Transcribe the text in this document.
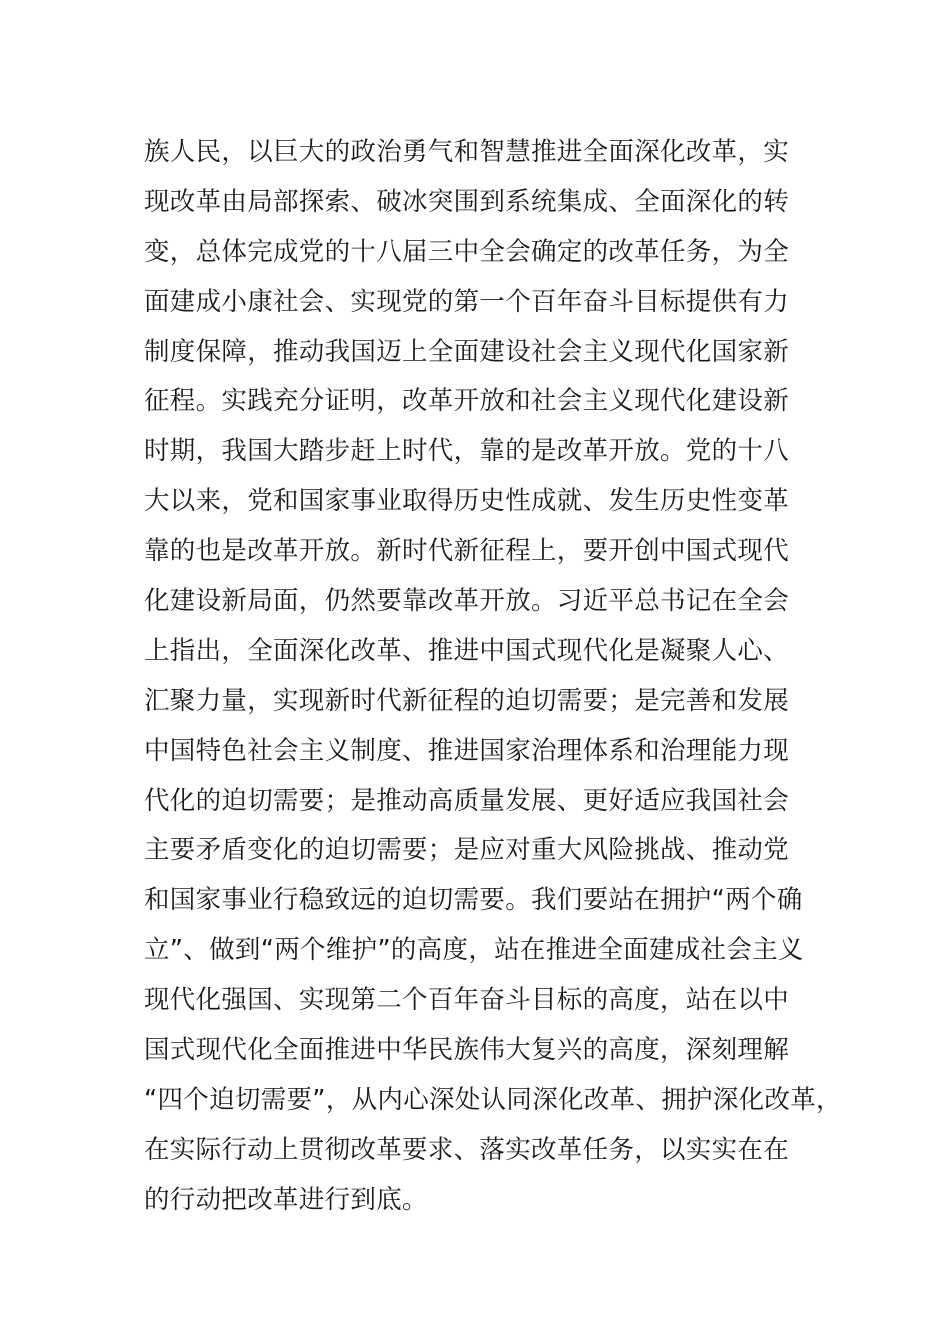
族人民，以巨大的政治勇气和智慧推进全面深化改革，实
现改革由局部探索、破冰突围到系统集成、全面深化的转
变，总体完成党的十八届三中全会确定的改革任务，为全
面建成小康社会、实现党的第一个百年奋斗目标提供有力
制度保障，推动我国迈上全面建设社会主义现代化国家新
征程。实践充分证明，改革开放和社会主义现代化建设新
时期，我国大踏步赶上时代，靠的是改革开放。党的十八
大以来，党和国家事业取得历史性成就、发生历史性变革
靠的也是改革开放。新时代新征程上，要开创中国式现代
化建设新局面，仍然要靠改革开放。习近平总书记在全会
上指出，全面深化改革、推进中国式现代化是凝聚人心、
汇聚力量，实现新时代新征程的迫切需要；是完善和发展
中国特色社会主义制度、推进国家治理体系和治理能力现
代化的迫切需要；是推动高质量发展、更好适应我国社会
主要矛盾变化的迫切需要；是应对重大风险挑战、推动党
和国家事业行稳致远的迫切需要。我们要站在拥护“两个确
立”、做到“两个维护”的高度，站在推进全面建成社会主义
现代化强国、实现第二个百年奋斗目标的高度，站在以中
国式现代化全面推进中华民族伟大复兴的高度，深刻理解
“四个迫切需要”，从内心深处认同深化改革、拥护深化改革，
在实际行动上贯彻改革要求、落实改革任务，以实实在在
的行动把改革进行到底。
